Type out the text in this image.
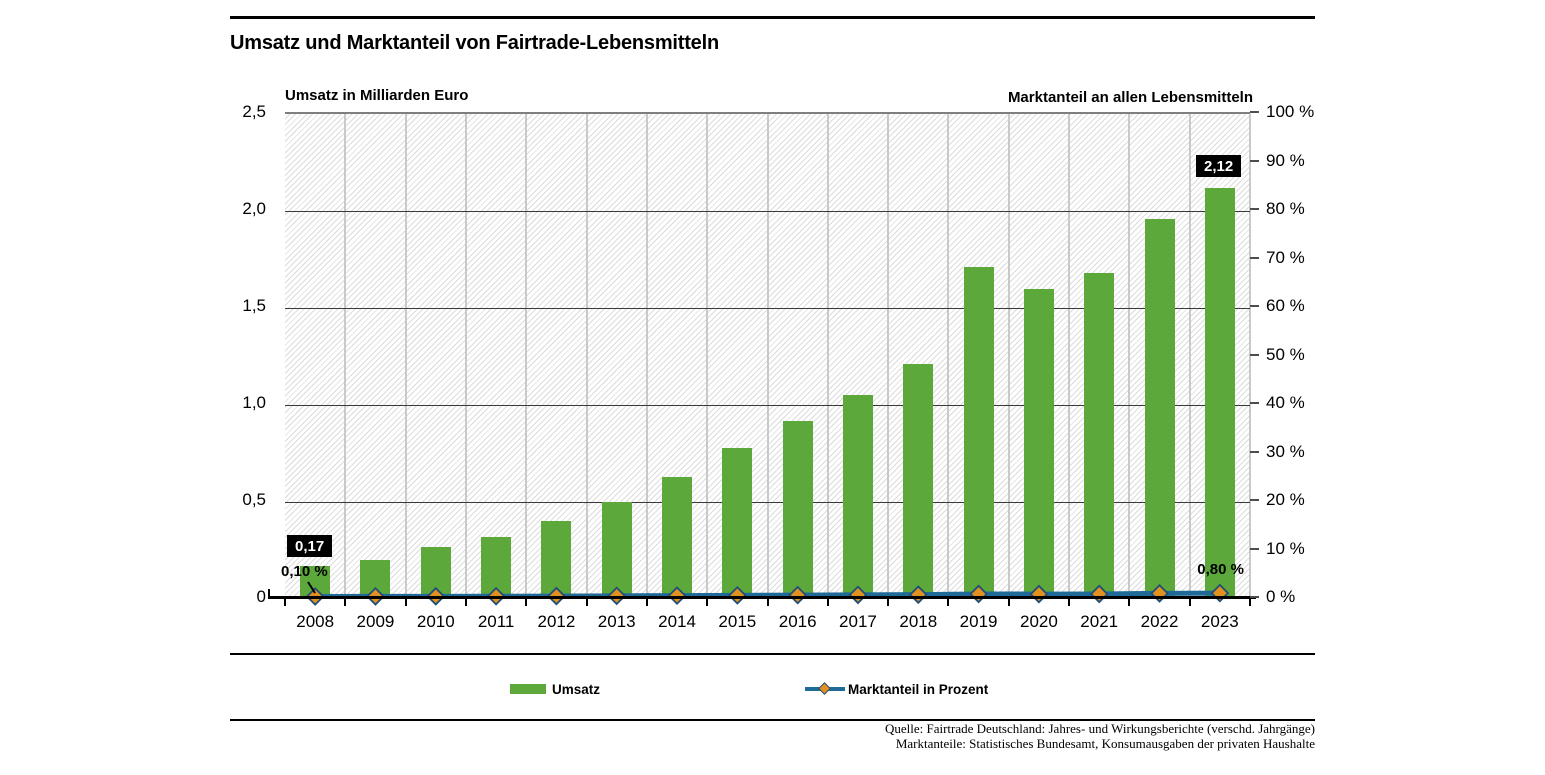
Umsatz und Marktanteil von Fairtrade-Lebensmitteln
Umsatz in Milliarden Euro	Marktanteil an allen Lebensmitteln
0
0,5
1,0
1,5
2,0
2,5
0 %
10 %
20 %
30 %
40 %
50 %
60 %
70 %
80 %
90 %
100 %
2008	2009	2010	2011	2012	2013	2014	2015	2016	2017	2018	2019	2020	2021	2022	2023
0,17
2,12
0,10 %	0,80 %
Umsatz	Marktanteil in Prozent
Quelle: Fairtrade Deutschland: Jahres- und Wirkungsberichte (verschd. Jahrgänge)
Marktanteile: Statistisches Bundesamt, Konsumausgaben der privaten Haushalte
